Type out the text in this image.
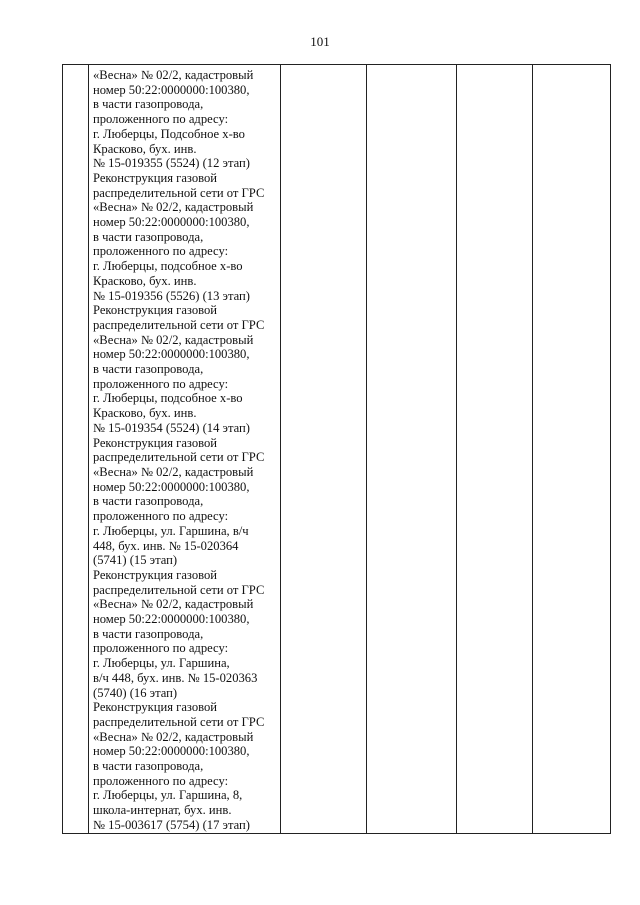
101

«Весна» № 02/2, кадастровый
номер 50:22:0000000:100380,
в части газопровода,
проложенного по адресу:
г. Люберцы, Подсобное х-во
Красково, бух. инв.
№ 15-019355 (5524) (12 этап)
Реконструкция газовой
распределительной сети от ГРС
«Весна» № 02/2, кадастровый
номер 50:22:0000000:100380,
в части газопровода,
проложенного по адресу:
г. Люберцы, подсобное х-во
Красково, бух. инв.
№ 15-019356 (5526) (13 этап)
Реконструкция газовой
распределительной сети от ГРС
«Весна» № 02/2, кадастровый
номер 50:22:0000000:100380,
в части газопровода,
проложенного по адресу:
г. Люберцы, подсобное х-во
Красково, бух. инв.
№ 15-019354 (5524) (14 этап)
Реконструкция газовой
распределительной сети от ГРС
«Весна» № 02/2, кадастровый
номер 50:22:0000000:100380,
в части газопровода,
проложенного по адресу:
г. Люберцы, ул. Гаршина, в/ч
448, бух. инв. № 15-020364
(5741) (15 этап)
Реконструкция газовой
распределительной сети от ГРС
«Весна» № 02/2, кадастровый
номер 50:22:0000000:100380,
в части газопровода,
проложенного по адресу:
г. Люберцы, ул. Гаршина,
в/ч 448, бух. инв. № 15-020363
(5740) (16 этап)
Реконструкция газовой
распределительной сети от ГРС
«Весна» № 02/2, кадастровый
номер 50:22:0000000:100380,
в части газопровода,
проложенного по адресу:
г. Люберцы, ул. Гаршина, 8,
школа-интернат, бух. инв.
№ 15-003617 (5754) (17 этап)
